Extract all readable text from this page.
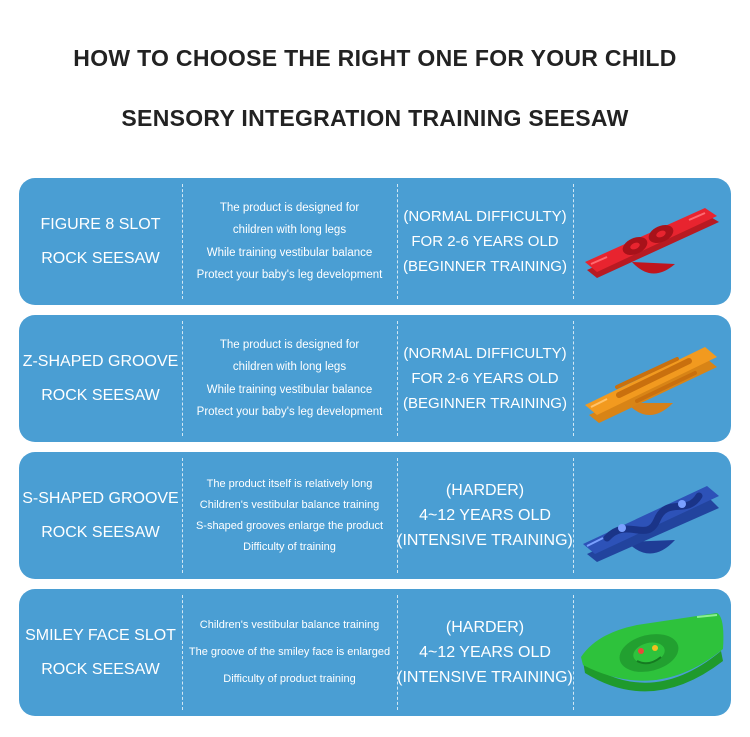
HOW TO CHOOSE THE RIGHT ONE FOR YOUR CHILD
SENSORY INTEGRATION TRAINING SEESAW
FIGURE 8 SLOT
ROCK SEESAW
The product is designed for
children with long legs
While training vestibular balance
Protect your baby's leg development
(NORMAL DIFFICULTY)
FOR 2-6 YEARS OLD
(BEGINNER TRAINING)
Z-SHAPED GROOVE
ROCK SEESAW
The product is designed for
children with long legs
While training vestibular balance
Protect your baby's leg development
(NORMAL DIFFICULTY)
FOR 2-6 YEARS OLD
(BEGINNER TRAINING)
S-SHAPED GROOVE
ROCK SEESAW
The product itself is relatively long
Children's vestibular balance training
S-shaped grooves enlarge the product
Difficulty of training
(HARDER)
4~12 YEARS OLD
(INTENSIVE TRAINING)
SMILEY FACE SLOT
ROCK SEESAW
Children's vestibular balance training
The groove of the smiley face is enlarged
Difficulty of product training
(HARDER)
4~12 YEARS OLD
(INTENSIVE TRAINING)
